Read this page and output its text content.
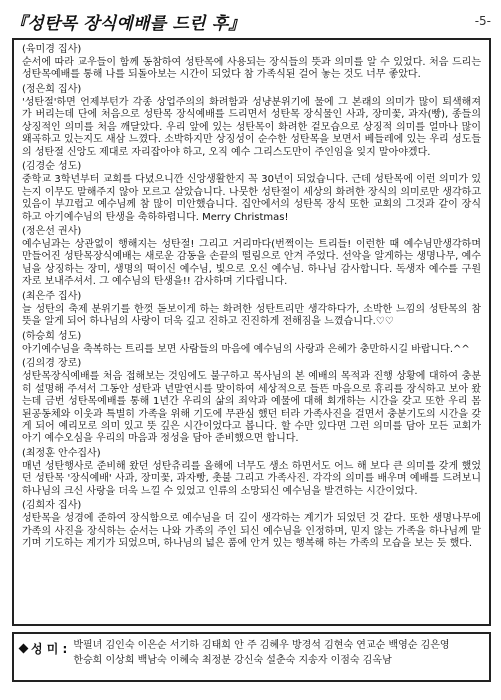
『성탄목 장식예배를 드린 후』	-5-
(육미경 집사)
순서에 따라 교우들이 함께 동참하여 성탄목에 사용되는 장식들의 뜻과 의미를 알 수 있었다. 처음 드리는 성탄목예배를 통해 나를 되돌아보는 시간이 되었다 참 가족식된 걸어 놓는 것도 너무 좋았다.
(정은희 집사)
'성탄절'하면 언제부턴가 각종 상업주의의 화려함과 성냥분위기에 물에 그 본래의 의미가 많이 퇴색해져 가 버리는데 단에 처음으로 성탄목 장식예배를 드리면서 성탄목 장식물인 사과, 장미꽃, 과자(빵), 종들의 상징적인 의미를 처음 깨달았다. 우리 앞에 있는 성탄목이 화려한 겉모습으로 상징적 의미를 얼마나 많이 왜곡하고 있는지도 새삼 느꼈다. 소박하지만 상징성이 순수한 성탄목을 보면서 베들레에 있는 우리 성도들의 성탄절 신앙도 제대로 자리잡아야 하고, 오직 예수 그리스도만이 주인임을 잊지 말아야겠다.
(김경순 성도)
중학교 3학년부터 교회를 다녔으니깐 신앙생활한지 꼭 30년이 되었습니다. 근데 성탄목에 이런 의미가 있는지 이무도 말해주지 않아 모르고 살았습니다. 나뭇한 성탄절이 세상의 화려한 장식의 의미로만 생각하고 있음이 부끄럽고 예수님께 참 많이 미안했습니다. 집안에서의 성탄목 장식 또한 교회의 그것과 같이 장식하고 아기예수님의 탄생을 축하하렵니다. Merry Christmas!
(정은선 권사)
예수님과는 상관없이 행해지는 성탄절! 그리고 거리마다(번쩍이는 트리들! 이런한 때 예수님만생각하며 만들어진 성탄목장식예배는 새로운 감동을 손끝의 떨림으로 안겨 주었다. 선악을 알게하는 생명나무, 예수님을 상징하는 장미, 생명의 떡이신 예수님, 빛으로 오신 예수님. 하나님 감사합니다. 독생자 예수를 구원자로 보내주셔서. 그 예수님의 탄생을!! 감사하며 기다립니다.
(최은주 집사)
늘 성탄의 축제 분위기를 한껏 돋보이게 하는 화려한 성탄트리만 생각하다가, 소박한 느낌의 성탄목의 참뜻을 알게 되어 하나님의 사랑이 더욱 깊고 진하고 진진하게 전해짐을 느꼈습니다.♡♡
(하승희 성도)
아기예수님을 축복하는 트리를 보면 사람들의 마음에 예수님의 사랑과 은혜가 충만하시길 바랍니다.^^
(김의경 장로)
성탄목장식예배를 처음 접해보는 것임에도 불구하고 목사님의 본 예배의 목적과 진행 상황에 대하여 충분히 설명해 주셔서 그동안 성탄과 년말연시를 맞이하여 세상적으로 들뜬 마음으로 휴리를 장식하고 보아 왔는데 금번 성탄목예배를 통해 1년간 우리의 삶의 죄악과 예물에 대해 회개하는 시간을 갖고 또한 우리 몸된공동체와 이웃과 특별히 가족을 위해 기도에 무관심 했던 터라 가족사진을 걸면서 충분기도의 시간을 갖게 되어 예리모로 의미 있고 뜻 깊은 시간이었다고 봅니다. 할 수만 있다면 그런 의미를 담아 모든 교회가 아기 예수오심을 우리의 마음과 정성을 담아 준비했으면 합니다.
(최정훈 안수집사)
매년 성탄행사로 준비해 왔던 성탄츄리를 올해에 너무도 생소 하면서도 어느 해 보다 큰 의미를 갖게 했었던 성탄목 '장식예배' 사과, 장미꽃, 과자빵, 촛불 그리고 가족사진. 각각의 의미를 배우며 예배를 드려보니 하나님의 크신 사랑을 더욱 느낄 수 있었고 인류의 소망되신 예수님을 발견하는 시간이었다.
(김희자 집사)
성탄목을 성경에 준하여 장식함으로 예수님을 더 깊이 생각하는 계기가 되었던 것 같다. 또한 생명나무에 가족의 사진을 장식하는 순서는 나와 가족의 주인 되신 예수님을 인정하며, 믿지 않는 가족을 하나님께 맡기며 기도하는 계기가 되었으며, 하나님의 넓은 품에 안겨 있는 행복해 하는 가족의 모습을 보는 듯 했다.
성 미 : 박필녀 김인숙 이은순 서기하 김태희 안 주 김혜우 방경석 김현숙 연교순 백영순 김은영
한승희 이상희 백남숙 이혜숙 최정분 강신숙 설춘숙 지송자 이점숙 김옥남
